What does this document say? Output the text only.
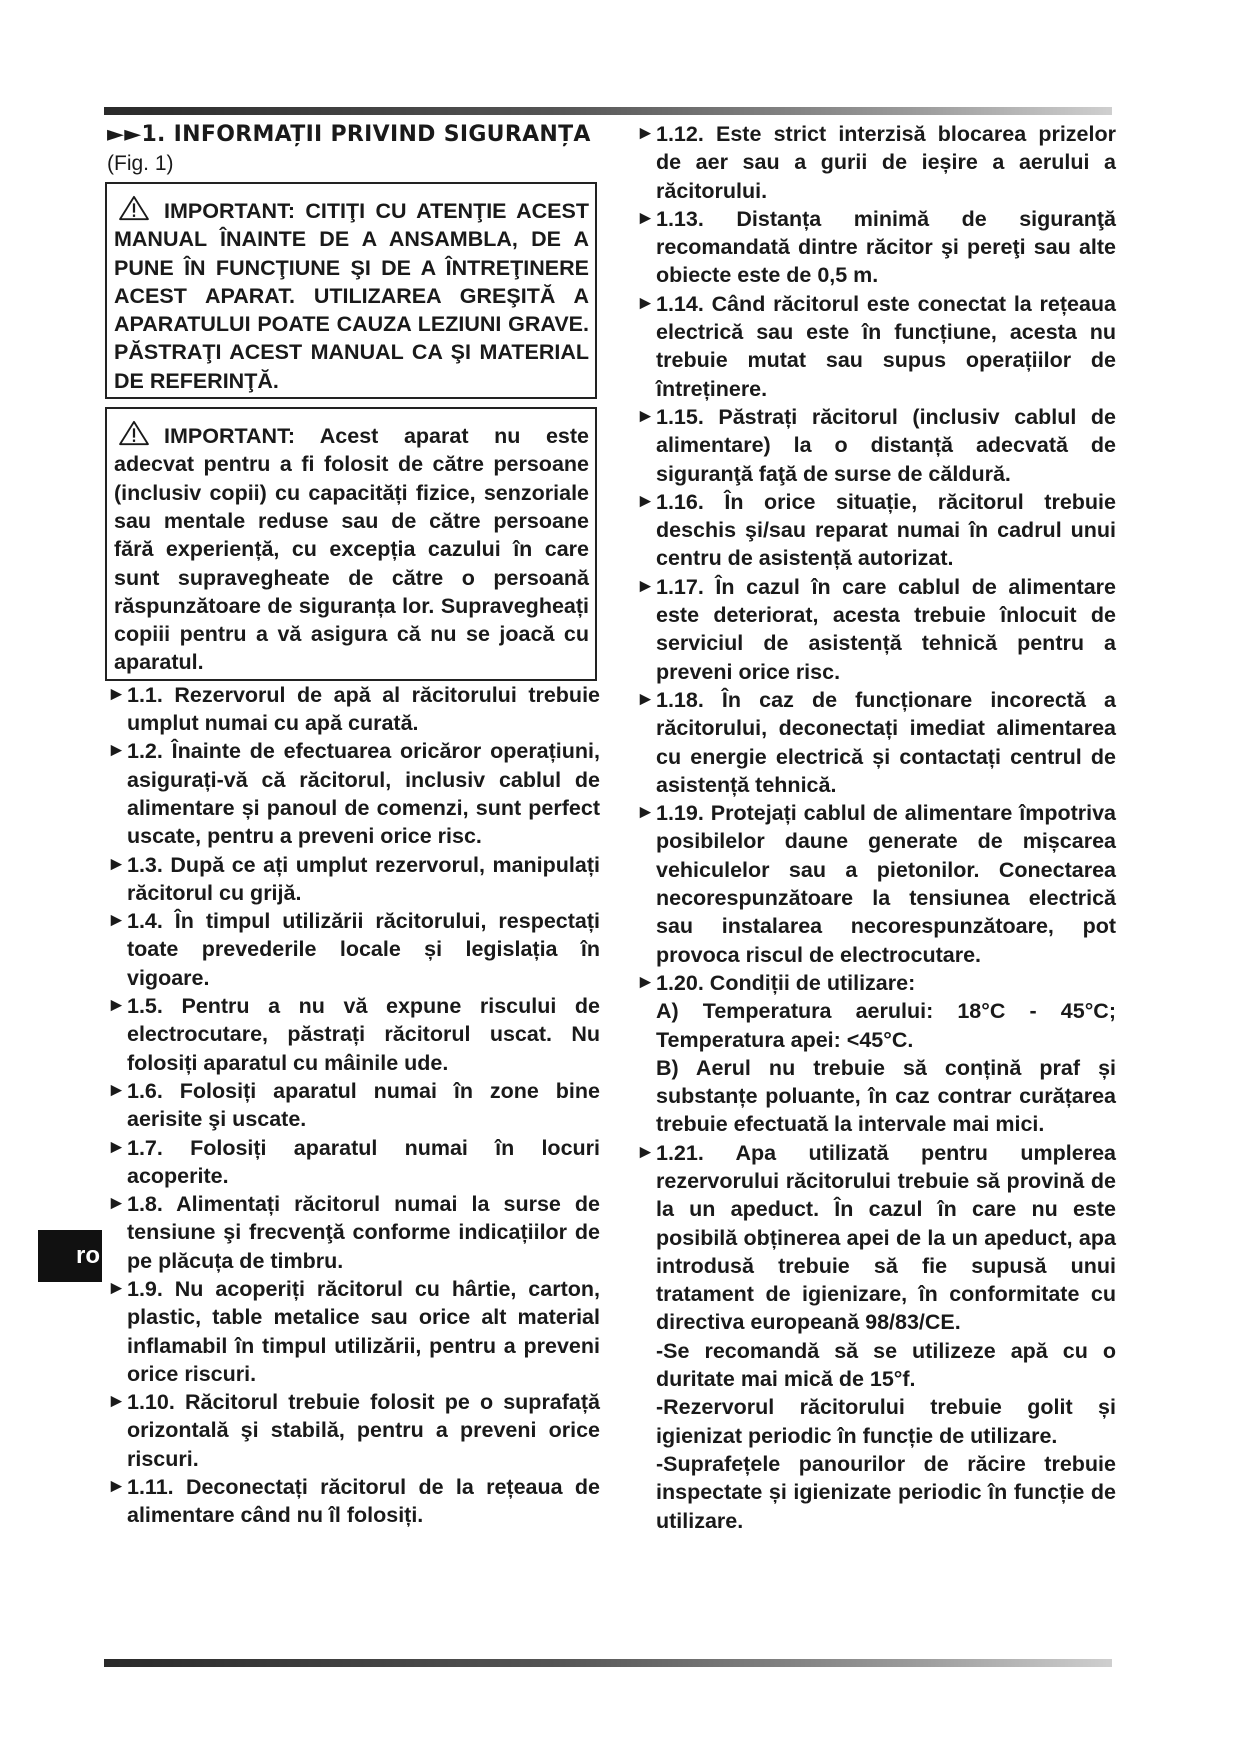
►►1. INFORMAȚII PRIVIND SIGURANȚA
(Fig. 1)
IMPORTANT: CITIŢI CU ATENŢIE ACEST MANUAL ÎNAINTE DE A ANSAMBLA, DE A PUNE ÎN FUNCŢIUNE ŞI DE A ÎNTREŢINERE ACEST APARAT. UTILIZAREA GREŞITĂ A APARATULUI POATE CAUZA LEZIUNI GRAVE. PĂSTRAŢI ACEST MANUAL CA ŞI MATERIAL DE REFERINŢĂ.
IMPORTANT: Acest aparat nu este adecvat pentru a fi folosit de către persoane (inclusiv copii) cu capacități fizice, senzoriale sau mentale reduse sau de către persoane fără experiență, cu excepția cazului în care sunt supravegheate de către o persoană răspunzătoare de siguranța lor. Supravegheați copiii pentru a vă asigura că nu se joacă cu aparatul.
► 1.1. Rezervorul de apă al răcitorului trebuie umplut numai cu apă curată.
► 1.2. Înainte de efectuarea oricăror operațiuni, asigurați-vă că răcitorul, inclusiv cablul de alimentare și panoul de comenzi, sunt perfect uscate, pentru a preveni orice risc.
► 1.3. După ce ați umplut rezervorul, manipulați răcitorul cu grijă.
► 1.4. În timpul utilizării răcitorului, respectați toate prevederile locale și legislația în vigoare.
► 1.5. Pentru a nu vă expune riscului de electrocutare, păstrați răcitorul uscat. Nu folosiți aparatul cu mâinile ude.
► 1.6. Folosiți aparatul numai în zone bine aerisite şi uscate.
► 1.7. Folosiți aparatul numai în locuri acoperite.
► 1.8. Alimentați răcitorul numai la surse de tensiune şi frecvenţă conforme indicațiilor de pe plăcuța de timbru.
► 1.9. Nu acoperiți răcitorul cu hârtie, carton, plastic, table metalice sau orice alt material inflamabil în timpul utilizării, pentru a preveni orice riscuri.
► 1.10. Răcitorul trebuie folosit pe o suprafață orizontală şi stabilă, pentru a preveni orice riscuri.
► 1.11. Deconectați răcitorul de la rețeaua de alimentare când nu îl folosiți.
► 1.12. Este strict interzisă blocarea prizelor de aer sau a gurii de ieșire a aerului a răcitorului.
► 1.13. Distanța minimă de siguranţă recomandată dintre răcitor şi pereţi sau alte obiecte este de 0,5 m.
► 1.14. Când răcitorul este conectat la rețeaua electrică sau este în funcțiune, acesta nu trebuie mutat sau supus operațiilor de întreținere.
► 1.15. Păstrați răcitorul (inclusiv cablul de alimentare) la o distanță adecvată de siguranţă faţă de surse de căldură.
► 1.16. În orice situație, răcitorul trebuie deschis şi/sau reparat numai în cadrul unui centru de asistență autorizat.
► 1.17. În cazul în care cablul de alimentare este deteriorat, acesta trebuie înlocuit de serviciul de asistență tehnică pentru a preveni orice risc.
► 1.18. În caz de funcționare incorectă a răcitorului, deconectați imediat alimentarea cu energie electrică și contactați centrul de asistență tehnică.
► 1.19. Protejați cablul de alimentare împotriva posibilelor daune generate de mișcarea vehiculelor sau a pietonilor. Conectarea necorespunzătoare la tensiunea electrică sau instalarea necorespunzătoare, pot provoca riscul de electrocutare.
► 1.20. Condiții de utilizare:
A) Temperatura aerului: 18°C - 45°C; Temperatura apei: <45°C.
B) Aerul nu trebuie să conțină praf și substanțe poluante, în caz contrar curățarea trebuie efectuată la intervale mai mici.
► 1.21. Apa utilizată pentru umplerea rezervorului răcitorului trebuie să provină de la un apeduct. În cazul în care nu este posibilă obținerea apei de la un apeduct, apa introdusă trebuie să fie supusă unui tratament de igienizare, în conformitate cu directiva europeană 98/83/CE.
-Se recomandă să se utilizeze apă cu o duritate mai mică de 15°f.
-Rezervorul răcitorului trebuie golit și igienizat periodic în funcție de utilizare.
-Suprafețele panourilor de răcire trebuie inspectate și igienizate periodic în funcție de utilizare.
ro
